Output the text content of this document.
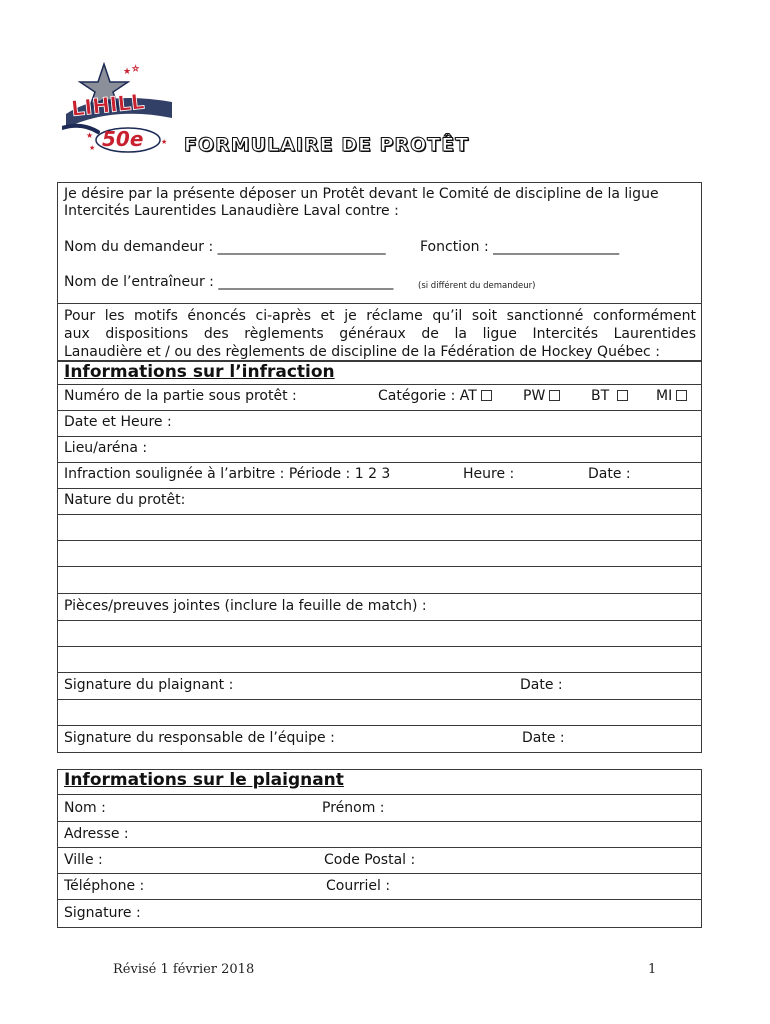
★ ☆
LIHILL
50e
★
★
★ FORMULAIRE DE PROTÊT
Je désire par la présente déposer un Protêt devant le Comité de discipline de la ligue
Intercités Laurentides Lanaudière Laval contre :
Nom du demandeur : ________________________ Fonction : __________________
Nom de l’entraîneur : _________________________	(si différent du demandeur)
Pour les motifs énoncés ci-après et je réclame qu’il soit sanctionné conformément
aux dispositions des règlements généraux de la ligue Intercités Laurentides
Lanaudière et / ou des règlements de discipline de la Fédération de Hockey Québec :
Informations sur l’infraction
Numéro de la partie sous protêt :	Catégorie : AT	PW	BT	MI
Date et Heure :
Lieu/aréna :
Infraction soulignée à l’arbitre : Période : 1 2 3	Heure :	Date :
Nature du protêt:
Pièces/preuves jointes (inclure la feuille de match) :
Signature du plaignant :	Date :
Signature du responsable de l’équipe :	Date :
Informations sur le plaignant
Nom :	Prénom :
Adresse :
Ville :	Code Postal :
Téléphone :	Courriel :
Signature :
Révisé 1 février 2018	1
